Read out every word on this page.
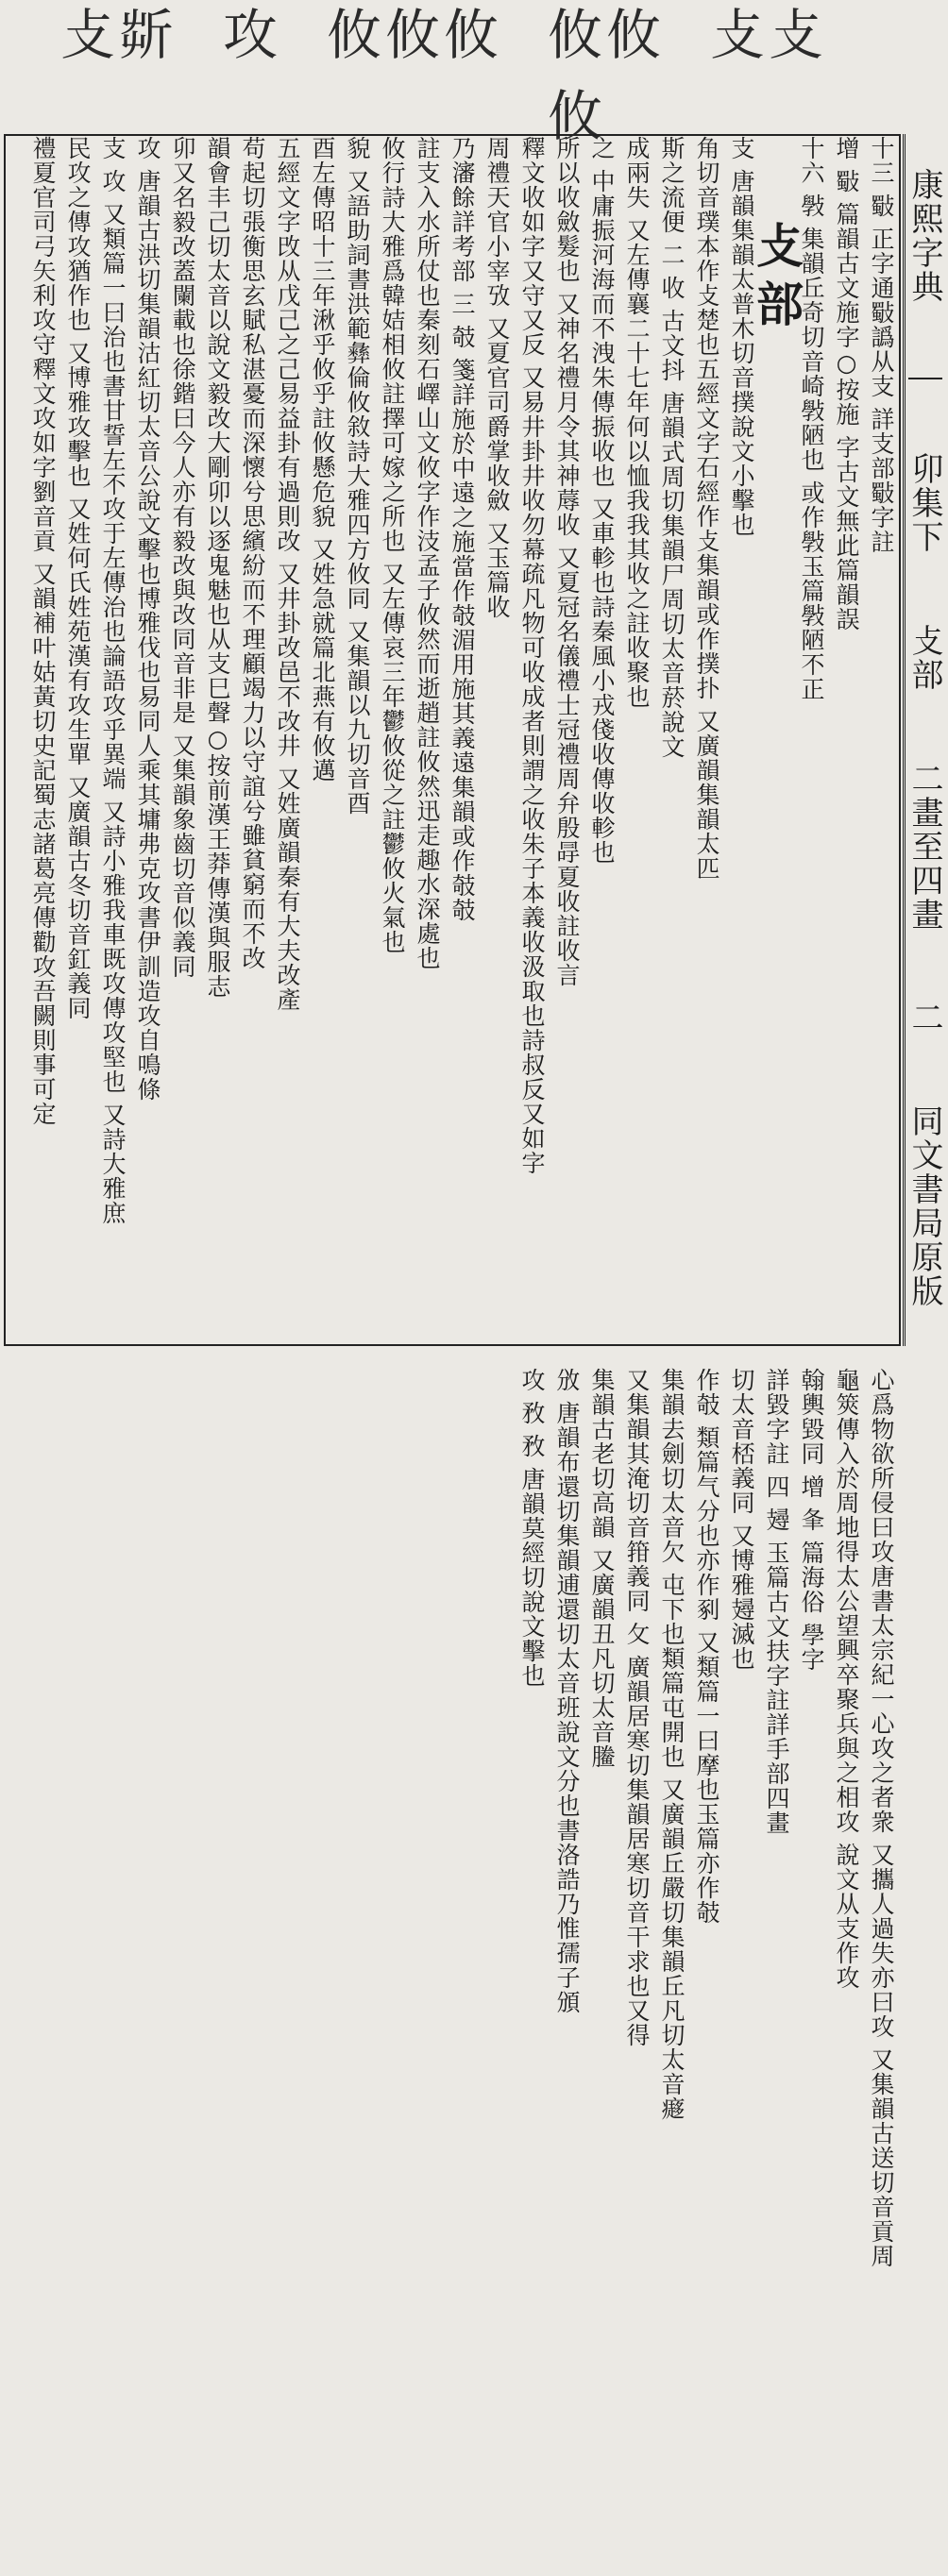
攴㪿 攻 攸攸攸 攸攸 攴攴
攸
康熙字典
卯集下
攴部
二畫至四畫
二
同文書局原版
十三 斀 正字通斀譌从支 詳支部斀字註
增 斀 篇韻古文施字○按施 字古文無此篇韻誤
十六 斅 集韻丘奇切音崎斅陋也 或作斅玉篇斅陋不正
攴部
支 唐韻集韻太普木切音撲說文小擊也
角切音璞本作攴楚也五經文字石經作攴集韻或作撲扑 又廣韻集韻太匹
斯之流便 二 收 古文抖 唐韻式周切集韻尸周切太音菸說文
成兩失 又左傳襄二十七年何以恤我我其收之註收聚也
之 中庸振河海而不洩朱傳振收也 又車軫也詩秦風小戎俴收傳收軫也
所以收斂髮也 又神名禮月令其神蓐收 又夏冠名儀禮士冠禮周弁殷冔夏收註收言
釋文收如字又守又反 又易井卦井收勿幕疏凡物可收成者則謂之收朱子本義收汲取也詩叔反又如字
周禮天官小宰攷 又夏官司爵掌收斂 又玉篇收
乃瀋餘詳考部 三 攲 箋詳施於中遠之施當作攲湄用施其義遠集韻或作攲攲
註支入水所仗也秦刻石嶧山文攸字作汥孟子攸然而逝趙註攸然迅走趣水深處也
攸行詩大雅爲韓姞相攸註擇可嫁之所也 又左傳哀三年鬱攸從之註鬱攸火氣也
貌 又語助詞書洪範彝倫攸敘詩大雅四方攸同 又集韻以九切音酉
酉左傳昭十三年湫乎攸乎註攸懸危貌 又姓急就篇北燕有攸邁
五經文字攺从戊己之己易益卦有過則改 又井卦改邑不改井 又姓廣韻秦有大夫改產
苟起切張衡思玄賦私湛憂而深懷兮思繽紛而不理顧竭力以守誼兮雖貧窮而不改
韻會丰己切太音以說文毅改大剛卯以逐鬼魅也从支巳聲○按前漢王莽傳漢與服志
卯又名毅改蓋闌載也徐鍇曰今人亦有毅改與改同音非是 又集韻象齒切音似義同
攻 唐韻古洪切集韻沽紅切太音公說文擊也博雅伐也易同人乘其墉弗克攻書伊訓造攻自鳴條
支 攻 又類篇一曰治也書甘誓左不攻于左傳治也論語攻乎異端 又詩小雅我車既攻傳攻堅也 又詩大雅庶
民攻之傳攻猶作也 又博雅攻擊也 又姓何氏姓苑漢有攻生單 又廣韻古冬切音釭義同
禮夏官司弓矢利攻守釋文攻如字劉音貢 又韻補叶姑黃切史記蜀志諸葛亮傳勸攻吾闕則事可定
心爲物欲所侵曰攻唐書太宗紀一心攻之者衆 又攜人過失亦曰攻 又集韻古送切音貢周
龜筴傳入於周地得太公望興卒聚兵與之相攻 說文从支作攻
翰輿毀同 增 夆 篇海俗 學字
詳毀字註 四 攳 玉篇古文扶字註詳手部四畫
切太音桮義同 又博雅攳滅也
作攲 類篇气分也亦作剢 又類篇一曰摩也玉篇亦作攲
集韻去劍切太音欠 屯下也類篇屯開也 又廣韻丘嚴切集韻丘凡切太音㿐
又集韻其淹切音箝義同 攵 廣韻居寒切集韻居寒切音干求也又得
集韻古老切高韻 又廣韻丑凡切太音䲢
攽 唐韻布還切集韻逋還切太音班說文分也書洛誥乃惟孺子頒
攻 敄 敄 唐韻莫經切說文擊也
